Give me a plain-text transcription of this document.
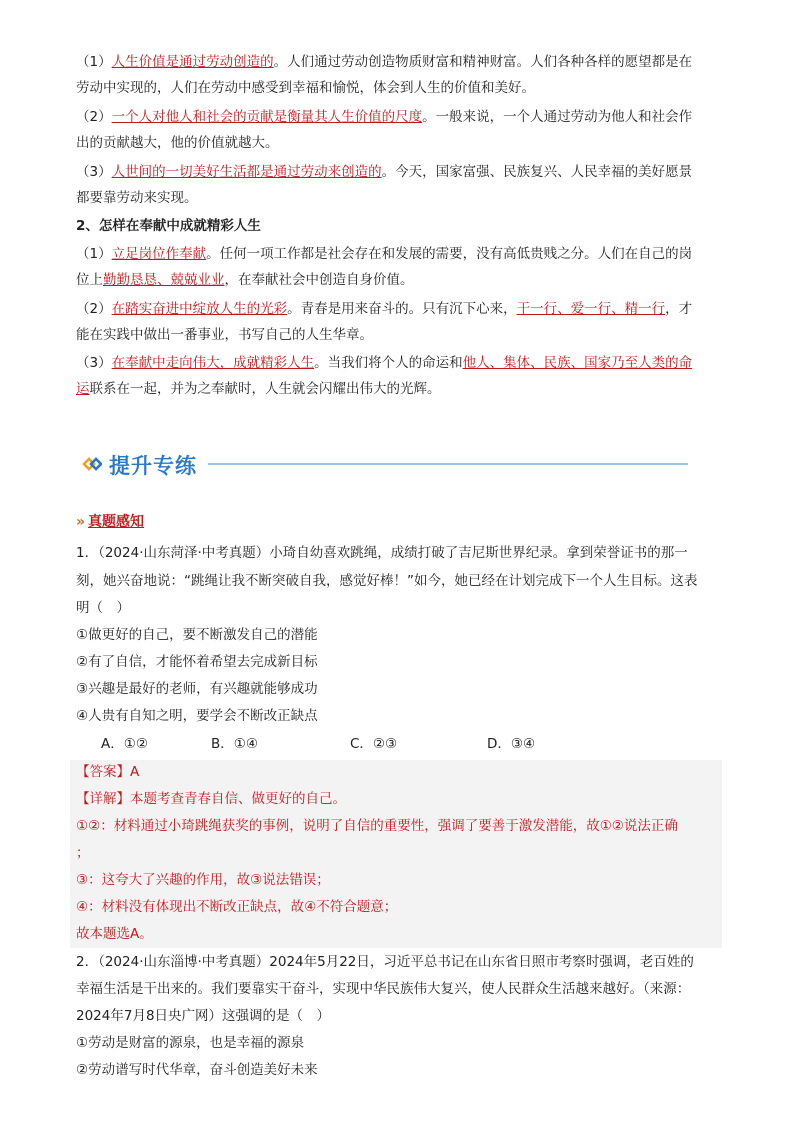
（1）人生价值是通过劳动创造的。人们通过劳动创造物质财富和精神财富。人们各种各样的愿望都是在
劳动中实现的，人们在劳动中感受到幸福和愉悦，体会到人生的价值和美好。
（2）一个人对他人和社会的贡献是衡量其人生价值的尺度。一般来说，一个人通过劳动为他人和社会作
出的贡献越大，他的价值就越大。
（3）人世间的一切美好生活都是通过劳动来创造的。今天，国家富强、民族复兴、人民幸福的美好愿景
都要靠劳动来实现。
2、怎样在奉献中成就精彩人生
（1）立足岗位作奉献。任何一项工作都是社会存在和发展的需要，没有高低贵贱之分。人们在自己的岗
位上勤勤恳恳、兢兢业业，在奉献社会中创造自身价值。
（2）在踏实奋进中绽放人生的光彩。青春是用来奋斗的。只有沉下心来，干一行、爱一行、精一行，才
能在实践中做出一番事业，书写自己的人生华章。
（3）在奉献中走向伟大，成就精彩人生。当我们将个人的命运和他人、集体、民族、国家乃至人类的命
运联系在一起，并为之奉献时，人生就会闪耀出伟大的光辉。
提升专练
» 真题感知
1．（2024·山东菏泽·中考真题）小琦自幼喜欢跳绳，成绩打破了吉尼斯世界纪录。拿到荣誉证书的那一
刻，她兴奋地说：“跳绳让我不断突破自我，感觉好棒！”如今，她已经在计划完成下一个人生目标。这表
明（　）
①做更好的自己，要不断激发自己的潜能
②有了自信，才能怀着希望去完成新目标
③兴趣是最好的老师，有兴趣就能够成功
④人贵有自知之明，要学会不断改正缺点
A．①②	B．①④	C．②③	D．③④
【答案】A
【详解】本题考查青春自信、做更好的自己。
①②：材料通过小琦跳绳获奖的事例，说明了自信的重要性，强调了要善于激发潜能，故①②说法正确
；
③：这夸大了兴趣的作用，故③说法错误；
④：材料没有体现出不断改正缺点，故④不符合题意；
故本题选A。
2．（2024·山东淄博·中考真题）2024年5月22日，习近平总书记在山东省日照市考察时强调，老百姓的
幸福生活是干出来的。我们要靠实干奋斗，实现中华民族伟大复兴，使人民群众生活越来越好。（来源：
2024年7月8日央广网）这强调的是（　）
①劳动是财富的源泉，也是幸福的源泉
②劳动谱写时代华章，奋斗创造美好未来
